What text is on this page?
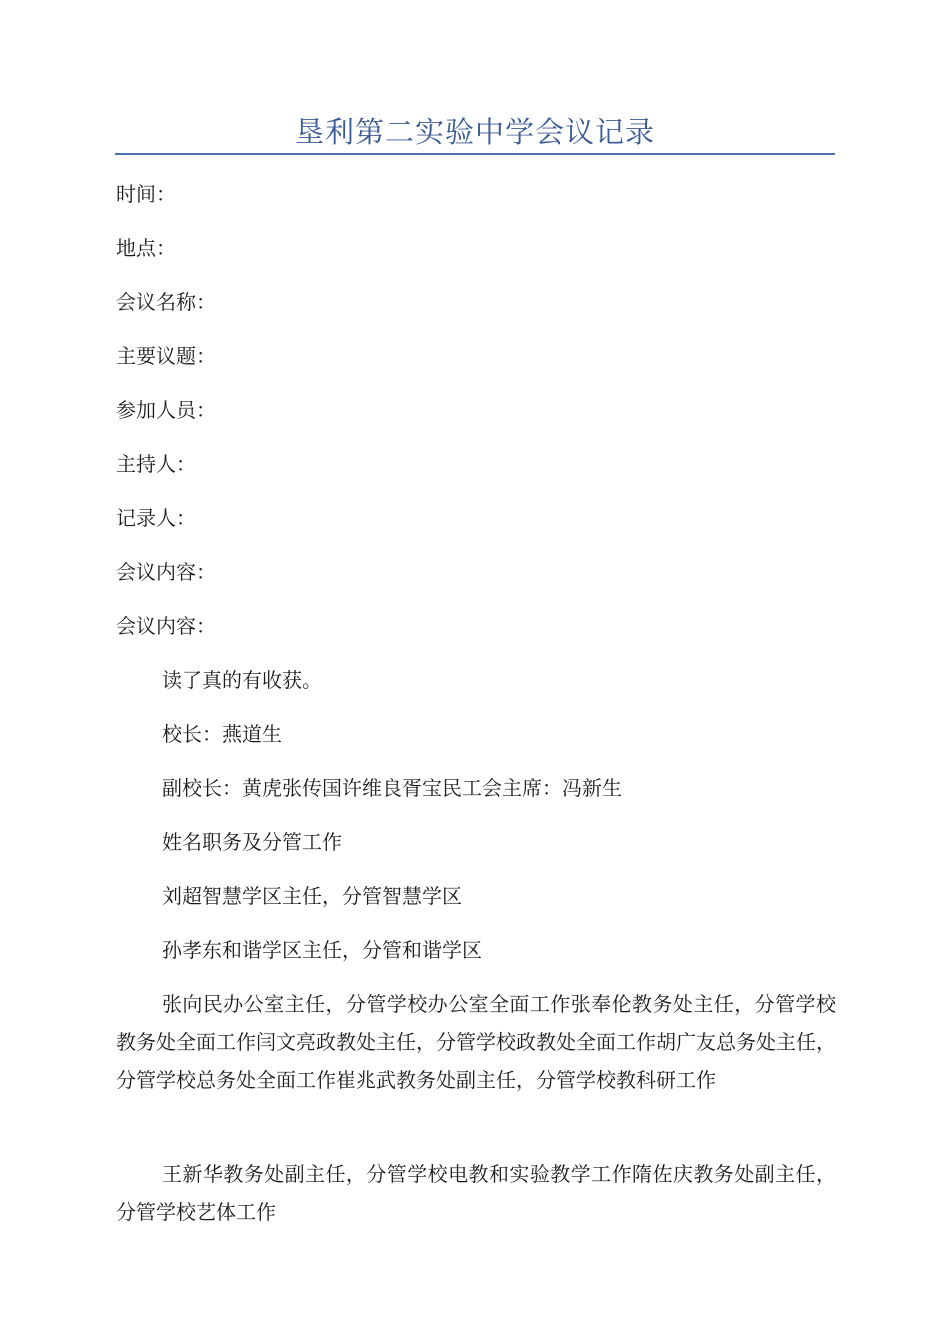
垦利第二实验中学会议记录
时间：
地点：
会议名称：
主要议题：
参加人员：
主持人：
记录人：
会议内容：
会议内容：
读了真的有收获。
校长：燕道生
副校长：黄虎张传国许维良胥宝民工会主席：冯新生
姓名职务及分管工作
刘超智慧学区主任，分管智慧学区
孙孝东和谐学区主任，分管和谐学区
张向民办公室主任，分管学校办公室全面工作张奉伦教务处主任，分管学校教务处全面工作闫文亮政教处主任，分管学校政教处全面工作胡广友总务处主任，分管学校总务处全面工作崔兆武教务处副主任，分管学校教科研工作
王新华教务处副主任，分管学校电教和实验教学工作隋佐庆教务处副主任，分管学校艺体工作
